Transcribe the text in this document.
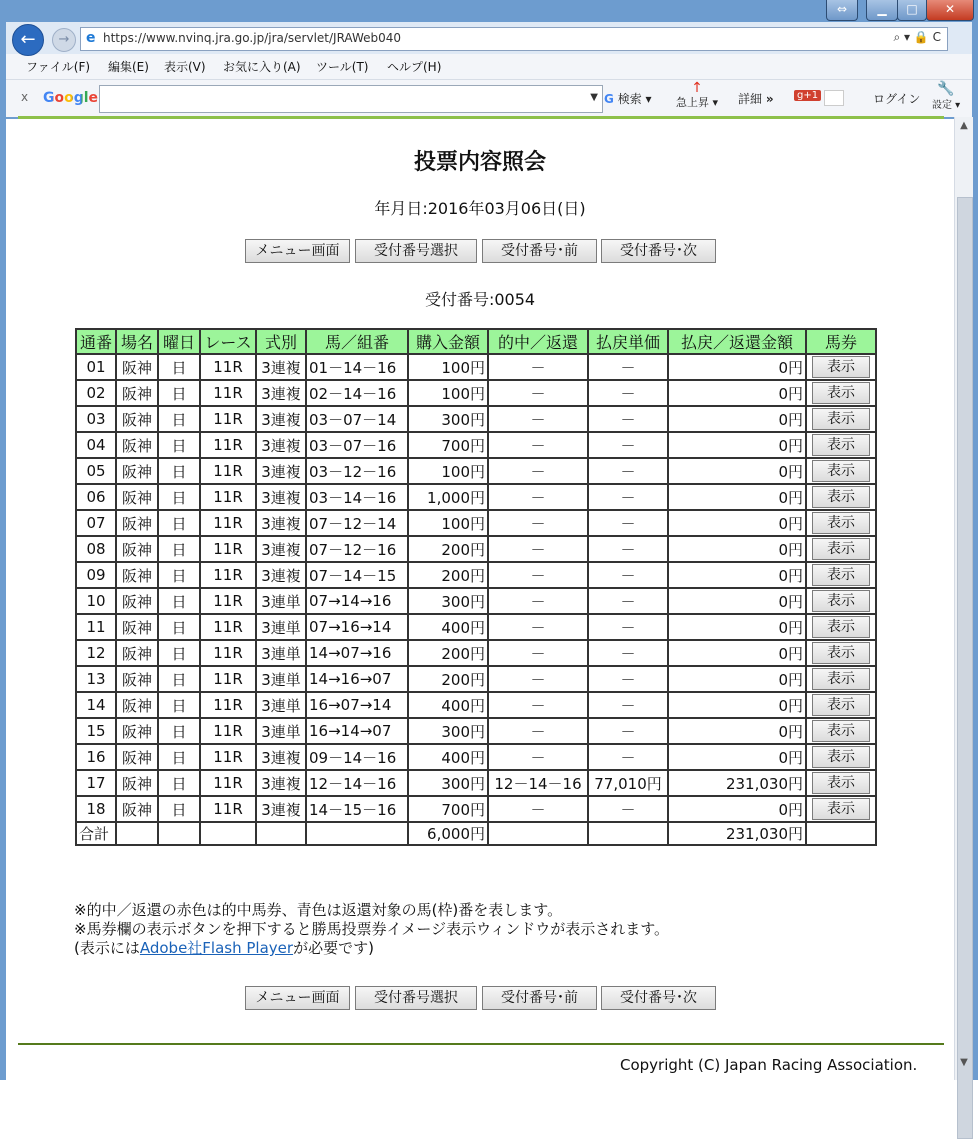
⇔	▁	□	✕
←	→	e https://www.nvinq.jra.go.jp/jra/servlet/JRAWeb040	⌕ ▾ 🔒 C
ファイル(F) 編集(E) 表示(V) お気に入り(A) ツール(T) ヘルプ(H)
x Google	▼ G 検索 ▾
↑
急上昇 ▾ 詳細 »	g+1	ログイン
🔧
設定 ▾
投票内容照会
年月日:2016年03月06日(日)
メニュー画面	受付番号選択	受付番号･前	受付番号･次
受付番号:0054
通番	場名	曜日	レース	式別	馬／組番	購入金額	的中／返還	払戻単価	払戻／返還金額	馬券
01	阪神	日	11R	3連複	01－14－16	100円	－	－	0円	表示
02	阪神	日	11R	3連複	02－14－16	100円	－	－	0円	表示
03	阪神	日	11R	3連複	03－07－14	300円	－	－	0円	表示
04	阪神	日	11R	3連複	03－07－16	700円	－	－	0円	表示
05	阪神	日	11R	3連複	03－12－16	100円	－	－	0円	表示
06	阪神	日	11R	3連複	03－14－16	1,000円	－	－	0円	表示
07	阪神	日	11R	3連複	07－12－14	100円	－	－	0円	表示
08	阪神	日	11R	3連複	07－12－16	200円	－	－	0円	表示
09	阪神	日	11R	3連複	07－14－15	200円	－	－	0円	表示
10	阪神	日	11R	3連単	07→14→16	300円	－	－	0円	表示
11	阪神	日	11R	3連単	07→16→14	400円	－	－	0円	表示
12	阪神	日	11R	3連単	14→07→16	200円	－	－	0円	表示
13	阪神	日	11R	3連単	14→16→07	200円	－	－	0円	表示
14	阪神	日	11R	3連単	16→07→14	400円	－	－	0円	表示
15	阪神	日	11R	3連単	16→14→07	300円	－	－	0円	表示
16	阪神	日	11R	3連複	09－14－16	400円	－	－	0円	表示
17	阪神	日	11R	3連複	12－14－16	300円	12－14－16	77,010円	231,030円	表示
18	阪神	日	11R	3連複	14－15－16	700円	－	－	0円	表示
合計						6,000円			231,030円	
※的中／返還の赤色は的中馬券、青色は返還対象の馬(枠)番を表します。
※馬券欄の表示ボタンを押下すると勝馬投票券イメージ表示ウィンドウが表示されます。
(表示にはAdobe社Flash Playerが必要です)
メニュー画面	受付番号選択	受付番号･前	受付番号･次
Copyright (C) Japan Racing Association.
▲
▼
